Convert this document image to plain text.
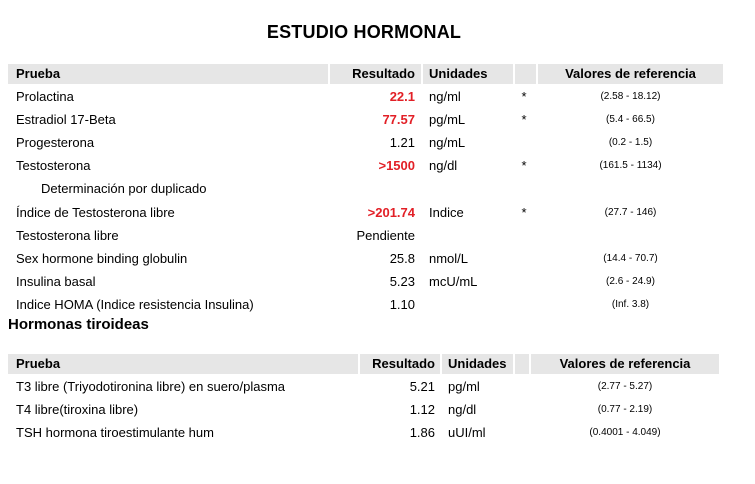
ESTUDIO HORMONAL
Prueba	Resultado Unidades	Valores de referencia
Prolactina	22.1 ng/ml	*	(2.58 - 18.12)
Estradiol 17-Beta	77.57 pg/mL	*	(5.4 - 66.5)
Progesterona	1.21 ng/mL	(0.2 - 1.5)
Testosterona	>1500 ng/dl	*	(161.5 - 1134)
Determinación por duplicado
Índice de Testosterona libre	>201.74 Indice	*	(27.7 - 146)
Testosterona libre	Pendiente
Sex hormone binding globulin	25.8 nmol/L	(14.4 - 70.7)
Insulina basal	5.23 mcU/mL	(2.6 - 24.9)
Indice HOMA (Indice resistencia Insulina)	1.10	(Inf. 3.8)
Hormonas tiroideas
Prueba	Resultado Unidades	Valores de referencia
T3 libre (Triyodotironina libre) en suero/plasma	5.21 pg/ml	(2.77 - 5.27)
T4 libre(tiroxina libre)	1.12 ng/dl	(0.77 - 2.19)
TSH hormona tiroestimulante hum	1.86 uUI/ml	(0.4001 - 4.049)
